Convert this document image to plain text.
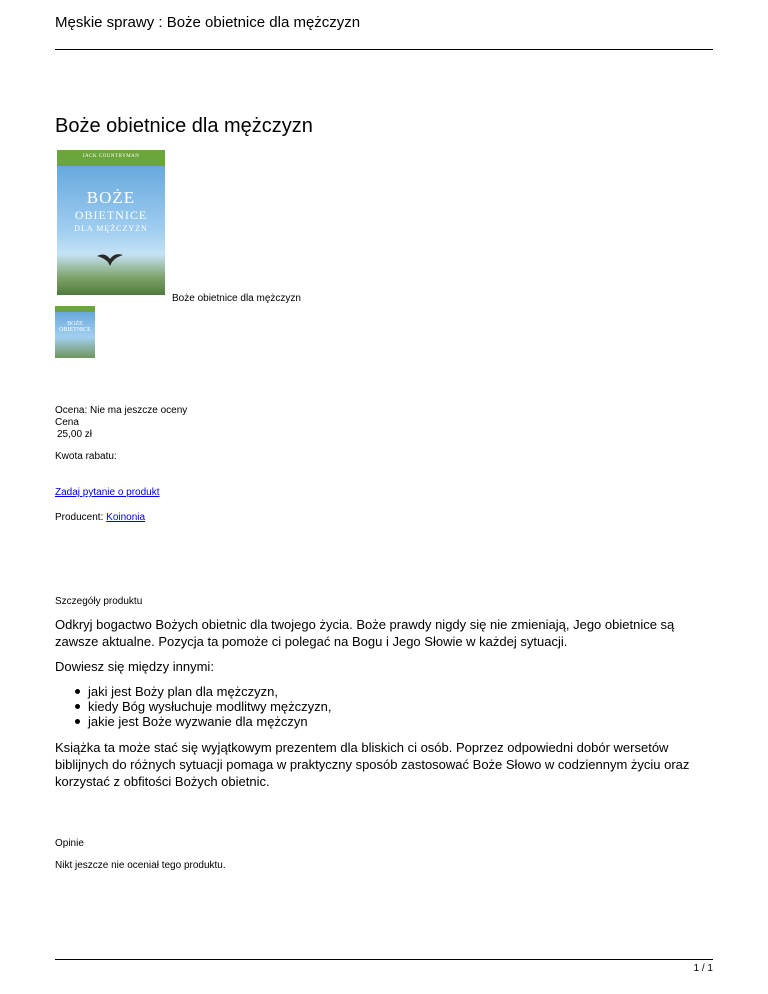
Męskie sprawy : Boże obietnice dla mężczyzn
Boże obietnice dla mężczyzn
JACK COUNTRYMAN
BOŻE
OBIETNICE
DLA MĘŻCZYZN
Boże obietnice dla mężczyzn
BOŻE OBIETNICE
Ocena: Nie ma jeszcze oceny
Cena
25,00 zł
Kwota rabatu:
Zadaj pytanie o produkt
Producent: Koinonia
Szczegóły produktu
Odkryj bogactwo Bożych obietnic dla twojego życia. Boże prawdy nigdy się nie zmieniają, Jego obietnice są zawsze aktualne. Pozycja ta pomoże ci polegać na Bogu i Jego Słowie w każdej sytuacji.
Dowiesz się między innymi:
jaki jest Boży plan dla mężczyzn,
kiedy Bóg wysłuchuje modlitwy mężczyzn,
jakie jest Boże wyzwanie dla mężczyn
Książka ta może stać się wyjątkowym prezentem dla bliskich ci osób. Poprzez odpowiedni dobór wersetów biblijnych do różnych sytuacji pomaga w praktyczny sposób zastosować Boże Słowo w codziennym życiu oraz korzystać z obfitości Bożych obietnic.
Opinie
Nikt jeszcze nie oceniał tego produktu.
1 / 1
